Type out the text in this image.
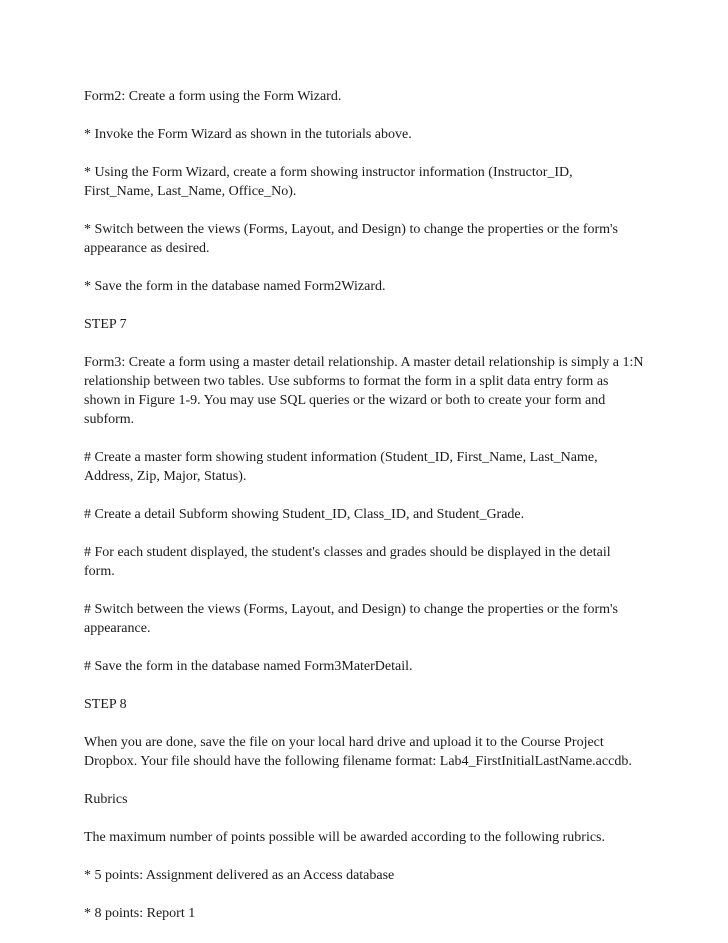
Form2: Create a form using the Form Wizard.

* Invoke the Form Wizard as shown in the tutorials above.

* Using the Form Wizard, create a form showing instructor information (Instructor_ID, First_Name, Last_Name, Office_No).

* Switch between the views (Forms, Layout, and Design) to change the properties or the form's appearance as desired.

* Save the form in the database named Form2Wizard.

STEP 7

Form3: Create a form using a master detail relationship. A master detail relationship is simply a 1:N relationship between two tables. Use subforms to format the form in a split data entry form as shown in Figure 1-9. You may use SQL queries or the wizard or both to create your form and subform.

# Create a master form showing student information (Student_ID, First_Name, Last_Name, Address, Zip, Major, Status).

# Create a detail Subform showing Student_ID, Class_ID, and Student_Grade.

# For each student displayed, the student's classes and grades should be displayed in the detail form.

# Switch between the views (Forms, Layout, and Design) to change the properties or the form's appearance.

# Save the form in the database named Form3MaterDetail.

STEP 8

When you are done, save the file on your local hard drive and upload it to the Course Project Dropbox. Your file should have the following filename format: Lab4_FirstInitialLastName.accdb.

Rubrics

The maximum number of points possible will be awarded according to the following rubrics.

* 5 points: Assignment delivered as an Access database

* 8 points: Report 1
